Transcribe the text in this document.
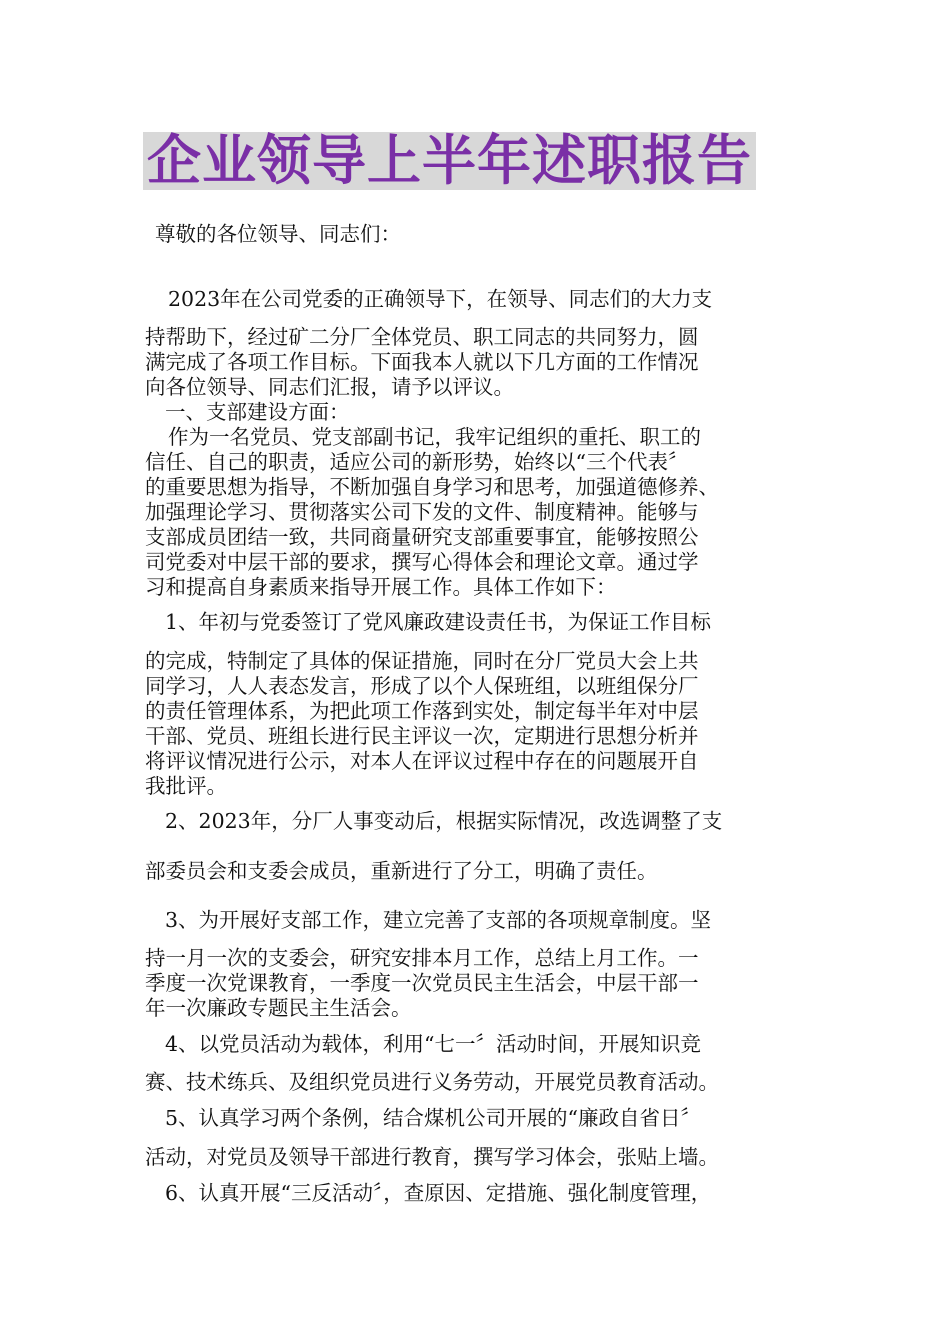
企业领导上半年述职报告
尊敬的各位领导、同志们：
2023年在公司党委的正确领导下，在领导、同志们的大力支
持帮助下，经过矿二分厂全体党员、职工同志的共同努力，圆
满完成了各项工作目标。下面我本人就以下几方面的工作情况
向各位领导、同志们汇报，请予以评议。
一、支部建设方面：
作为一名党员、党支部副书记，我牢记组织的重托、职工的
信任、自己的职责，适应公司的新形势，始终以“三个代表〞
的重要思想为指导，不断加强自身学习和思考，加强道德修养、
加强理论学习、贯彻落实公司下发的文件、制度精神。能够与
支部成员团结一致，共同商量研究支部重要事宜，能够按照公
司党委对中层干部的要求，撰写心得体会和理论文章。通过学
习和提高自身素质来指导开展工作。具体工作如下：
1、年初与党委签订了党风廉政建设责任书，为保证工作目标
的完成，特制定了具体的保证措施，同时在分厂党员大会上共
同学习，人人表态发言，形成了以个人保班组，以班组保分厂
的责任管理体系，为把此项工作落到实处，制定每半年对中层
干部、党员、班组长进行民主评议一次，定期进行思想分析并
将评议情况进行公示，对本人在评议过程中存在的问题展开自
我批评。
2、2023年，分厂人事变动后，根据实际情况，改选调整了支
部委员会和支委会成员，重新进行了分工，明确了责任。
3、为开展好支部工作，建立完善了支部的各项规章制度。坚
持一月一次的支委会，研究安排本月工作，总结上月工作。一
季度一次党课教育，一季度一次党员民主生活会，中层干部一
年一次廉政专题民主生活会。
4、以党员活动为载体，利用“七一〞活动时间，开展知识竞
赛、技术练兵、及组织党员进行义务劳动，开展党员教育活动。
5、认真学习两个条例，结合煤机公司开展的“廉政自省日〞
活动，对党员及领导干部进行教育，撰写学习体会，张贴上墙。
6、认真开展“三反活动〞，查原因、定措施、强化制度管理，
